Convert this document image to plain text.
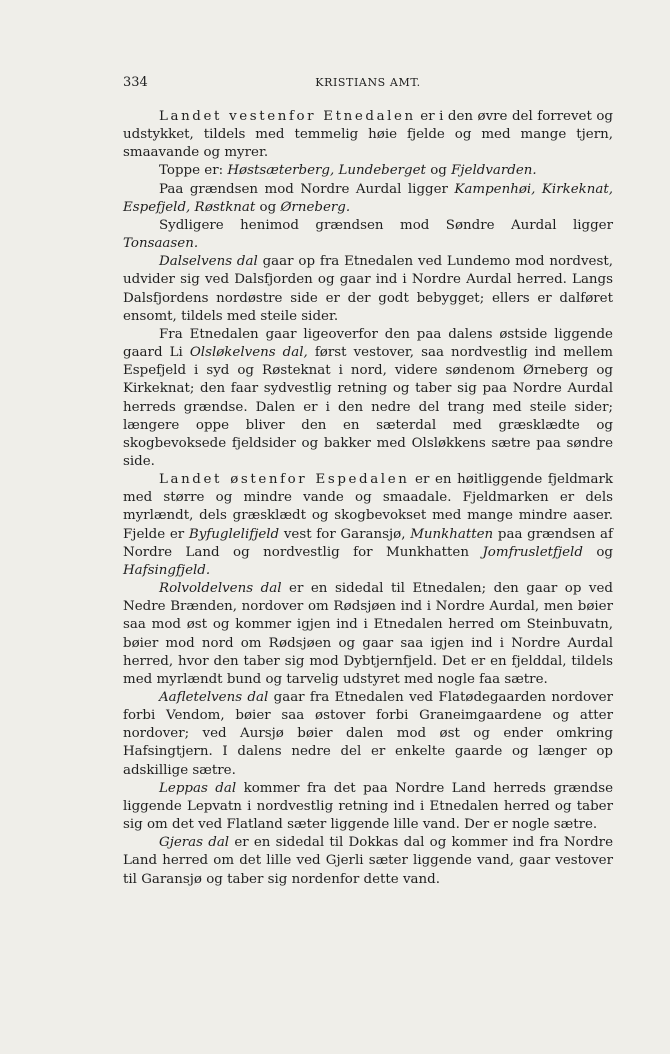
334	KRISTIANS AMT.

Landet vestenfor Etnedalen er i den øvre del forrevet og udstykket, tildels med temmelig høie fjelde og med mange tjern, smaavande og myrer.

Toppe er: Høstsæterberg, Lundeberget og Fjeldvarden.

Paa grændsen mod Nordre Aurdal ligger Kampenhøi, Kirkeknat, Espefjeld, Røstknat og Ørneberg.

Sydligere henimod grændsen mod Søndre Aurdal ligger Tonsaasen.

Dalselvens dal gaar op fra Etnedalen ved Lundemo mod nordvest, udvider sig ved Dalsfjorden og gaar ind i Nordre Aurdal herred. Langs Dalsfjordens nordøstre side er der godt bebygget; ellers er dalføret ensomt, tildels med steile sider.

Fra Etnedalen gaar ligeoverfor den paa dalens østside liggende gaard Li Olsløkelvens dal, først vestover, saa nordvestlig ind mellem Espefjeld i syd og Røsteknat i nord, videre søndenom Ørneberg og Kirkeknat; den faar sydvestlig retning og taber sig paa Nordre Aurdal herreds grændse. Dalen er i den nedre del trang med steile sider; længere oppe bliver den en sæterdal med græsklædte og skogbevoksede fjeldsider og bakker med Olsløkkens sætre paa søndre side.

Landet østenfor Espedalen er en høitliggende fjeldmark med større og mindre vande og smaadale. Fjeldmarken er dels myrlændt, dels græsklædt og skogbevokset med mange mindre aaser. Fjelde er Byfuglelifjeld vest for Garansjø, Munkhatten paa grændsen af Nordre Land og nordvestlig for Munkhatten Jomfrusletfjeld og Hafsingfjeld.

Rolvoldelvens dal er en sidedal til Etnedalen; den gaar op ved Nedre Brænden, nordover om Rødsjøen ind i Nordre Aurdal, men bøier saa mod øst og kommer igjen ind i Etnedalen herred om Steinbuvatn, bøier mod nord om Rødsjøen og gaar saa igjen ind i Nordre Aurdal herred, hvor den taber sig mod Dybtjernfjeld. Det er en fjelddal, tildels med myrlændt bund og tarvelig udstyret med nogle faa sætre.

Aafletelvens dal gaar fra Etnedalen ved Flatødegaarden nordover forbi Vendom, bøier saa østover forbi Graneimgaardene og atter nordover; ved Aursjø bøier dalen mod øst og ender omkring Hafsingtjern. I dalens nedre del er enkelte gaarde og længer op adskillige sætre.

Leppas dal kommer fra det paa Nordre Land herreds grændse liggende Lepvatn i nordvestlig retning ind i Etnedalen herred og taber sig om det ved Flatland sæter liggende lille vand. Der er nogle sætre.

Gjeras dal er en sidedal til Dokkas dal og kommer ind fra Nordre Land herred om det lille ved Gjerli sæter liggende vand, gaar vestover til Garansjø og taber sig nordenfor dette vand.
